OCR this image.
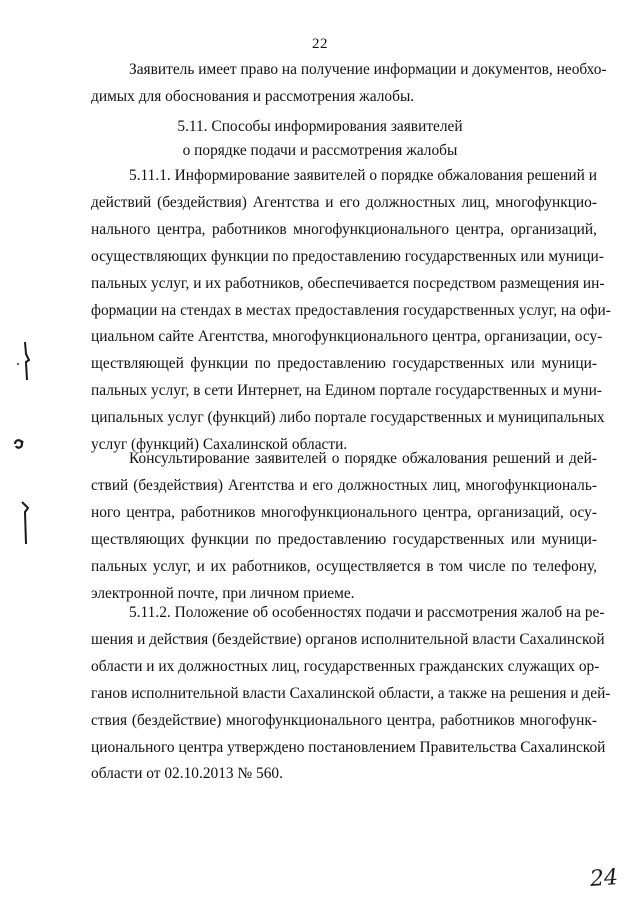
22
Заявитель имеет право на получение информации и документов, необхо-
димых для обоснования и рассмотрения жалобы.
5.11. Способы информирования заявителей
о порядке подачи и рассмотрения жалобы
5.11.1. Информирование заявителей о порядке обжалования решений и
действий (бездействия) Агентства и его должностных лиц, многофункцио-
нального центра, работников многофункционального центра, организаций,
осуществляющих функции по предоставлению государственных или муници-
пальных услуг, и их работников, обеспечивается посредством размещения ин-
формации на стендах в местах предоставления государственных услуг, на офи-
циальном сайте Агентства, многофункционального центра, организации, осу-
ществляющей функции по предоставлению государственных или муници-
пальных услуг, в сети Интернет, на Едином портале государственных и муни-
ципальных услуг (функций) либо портале государственных и муниципальных
услуг (функций) Сахалинской области.
Консультирование заявителей о порядке обжалования решений и дей-
ствий (бездействия) Агентства и его должностных лиц, многофункциональ-
ного центра, работников многофункционального центра, организаций, осу-
ществляющих функции по предоставлению государственных или муници-
пальных услуг, и их работников, осуществляется в том числе по телефону,
электронной почте, при личном приеме.
5.11.2. Положение об особенностях подачи и рассмотрения жалоб на ре-
шения и действия (бездействие) органов исполнительной власти Сахалинской
области и их должностных лиц, государственных гражданских служащих ор-
ганов исполнительной власти Сахалинской области, а также на решения и дей-
ствия (бездействие) многофункционального центра, работников многофунк-
ционального центра утверждено постановлением Правительства Сахалинской
области от 02.10.2013 № 560.
24
